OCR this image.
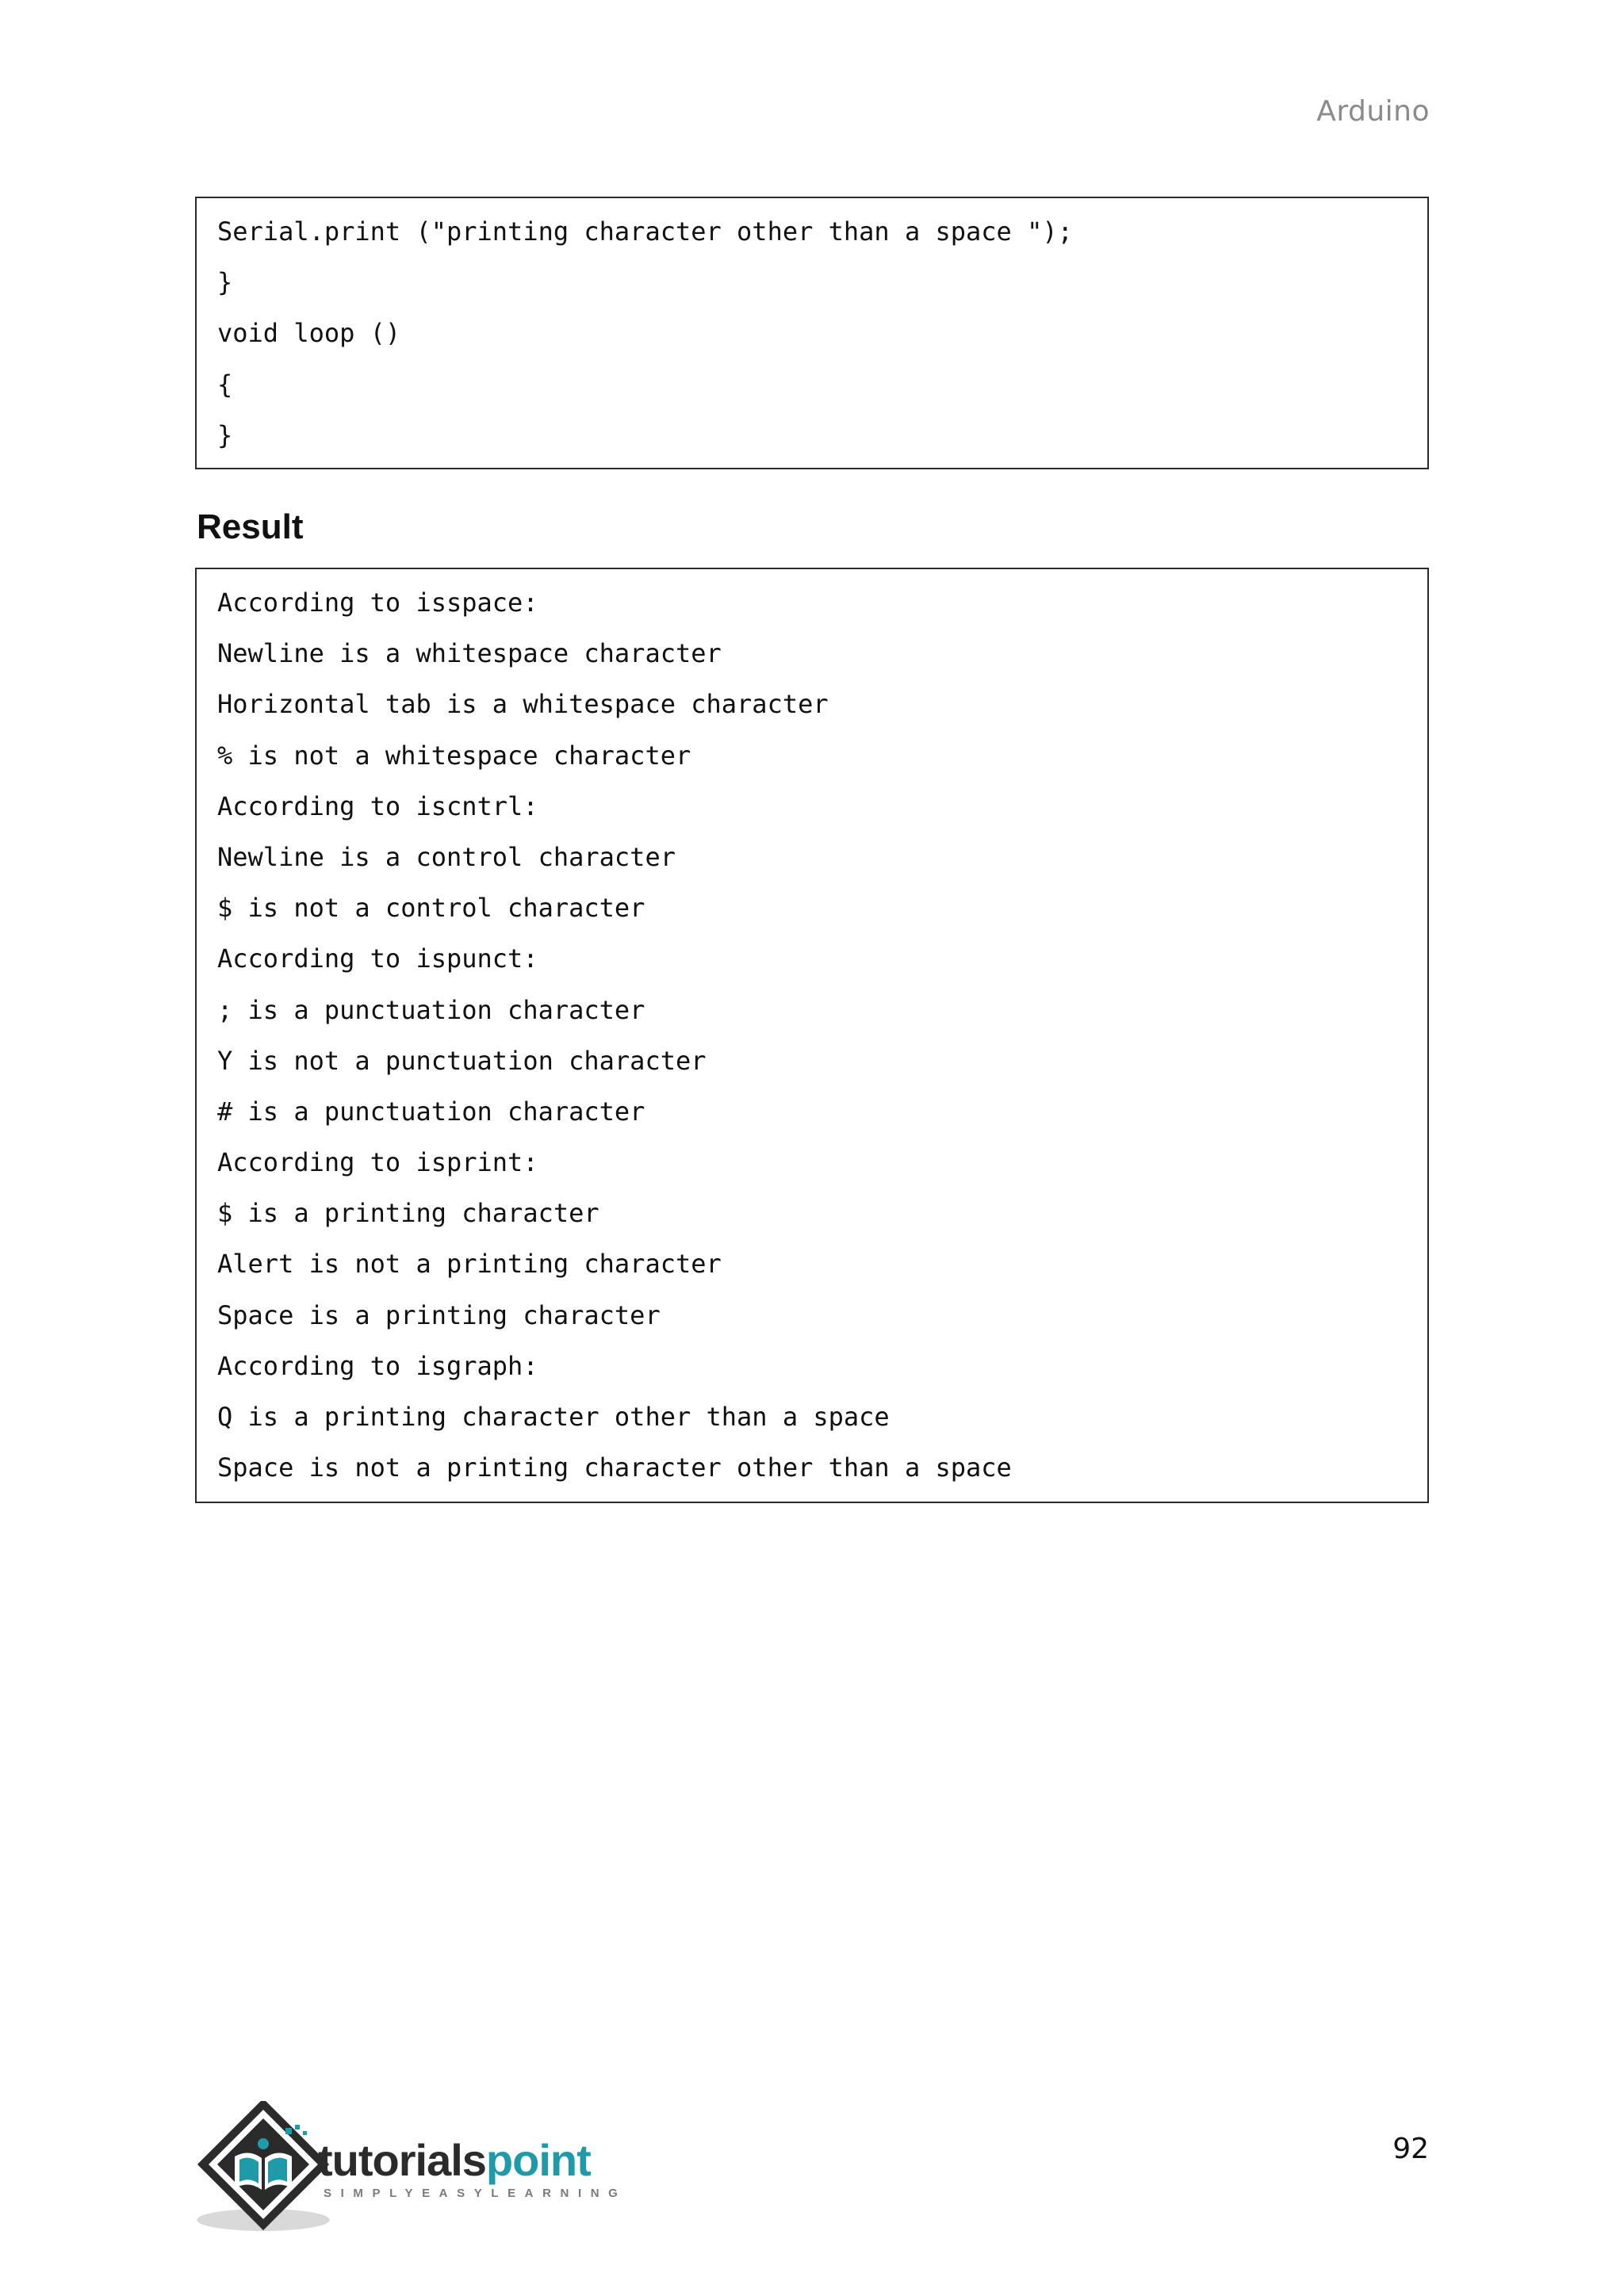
Arduino
Serial.print ("printing character other than a space ");
}
void loop ()
{
}
Result
According to isspace:
Newline is a whitespace character
Horizontal tab is a whitespace character
% is not a whitespace character
According to iscntrl:
Newline is a control character
$ is not a control character
According to ispunct:
; is a punctuation character
Y is not a punctuation character
# is a punctuation character
According to isprint:
$ is a printing character
Alert is not a printing character
Space is a printing character
According to isgraph:
Q is a printing character other than a space
Space is not a printing character other than a space
tutorialspoint
SIMPLYEASYLEARNING
92
